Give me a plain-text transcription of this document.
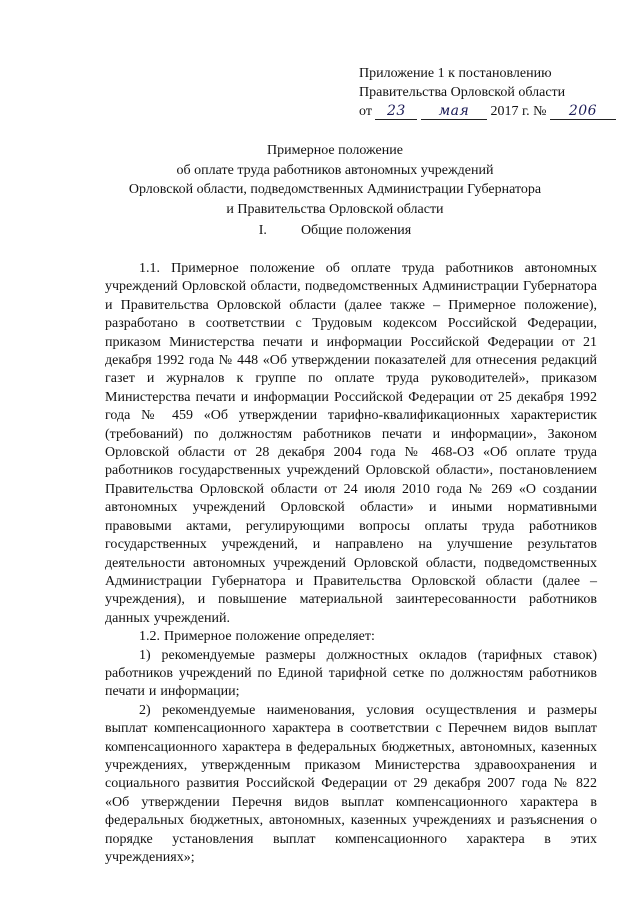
Приложение 1 к постановлению
Правительства Орловской области
от 23 мая 2017 г. № 206
Примерное положение
об оплате труда работников автономных учреждений
Орловской области, подведомственных Администрации Губернатора
и Правительства Орловской области
I. Общие положения

1.1. Примерное положение об оплате труда работников автономных учреждений Орловской области, подведомственных Администрации Губернатора и Правительства Орловской области (далее также – Примерное положение), разработано в соответствии с Трудовым кодексом Российской Федерации, приказом Министерства печати и информации Российской Федерации от 21 декабря 1992 года № 448 «Об утверждении показателей для отнесения редакций газет и журналов к группе по оплате труда руководителей», приказом Министерства печати и информации Российской Федерации от 25 декабря 1992 года № 459 «Об утверждении тарифно-квалификационных характеристик (требований) по должностям работников печати и информации», Законом Орловской области от 28 декабря 2004 года № 468-ОЗ «Об оплате труда работников государственных учреждений Орловской области», постановлением Правительства Орловской области от 24 июля 2010 года № 269 «О создании автономных учреждений Орловской области» и иными нормативными правовыми актами, регулирующими вопросы оплаты труда работников государственных учреждений, и направлено на улучшение результатов деятельности автономных учреждений Орловской области, подведомственных Администрации Губернатора и Правительства Орловской области (далее – учреждения), и повышение материальной заинтересованности работников данных учреждений.

1.2. Примерное положение определяет:

1) рекомендуемые размеры должностных окладов (тарифных ставок) работников учреждений по Единой тарифной сетке по должностям работников печати и информации;

2) рекомендуемые наименования, условия осуществления и размеры выплат компенсационного характера в соответствии с Перечнем видов выплат компенсационного характера в федеральных бюджетных, автономных, казенных учреждениях, утвержденным приказом Министерства здравоохранения и социального развития Российской Федерации от 29 декабря 2007 года № 822 «Об утверждении Перечня видов выплат компенсационного характера в федеральных бюджетных, автономных, казенных учреждениях и разъяснения о порядке установления выплат компенсационного характера в этих учреждениях»;
